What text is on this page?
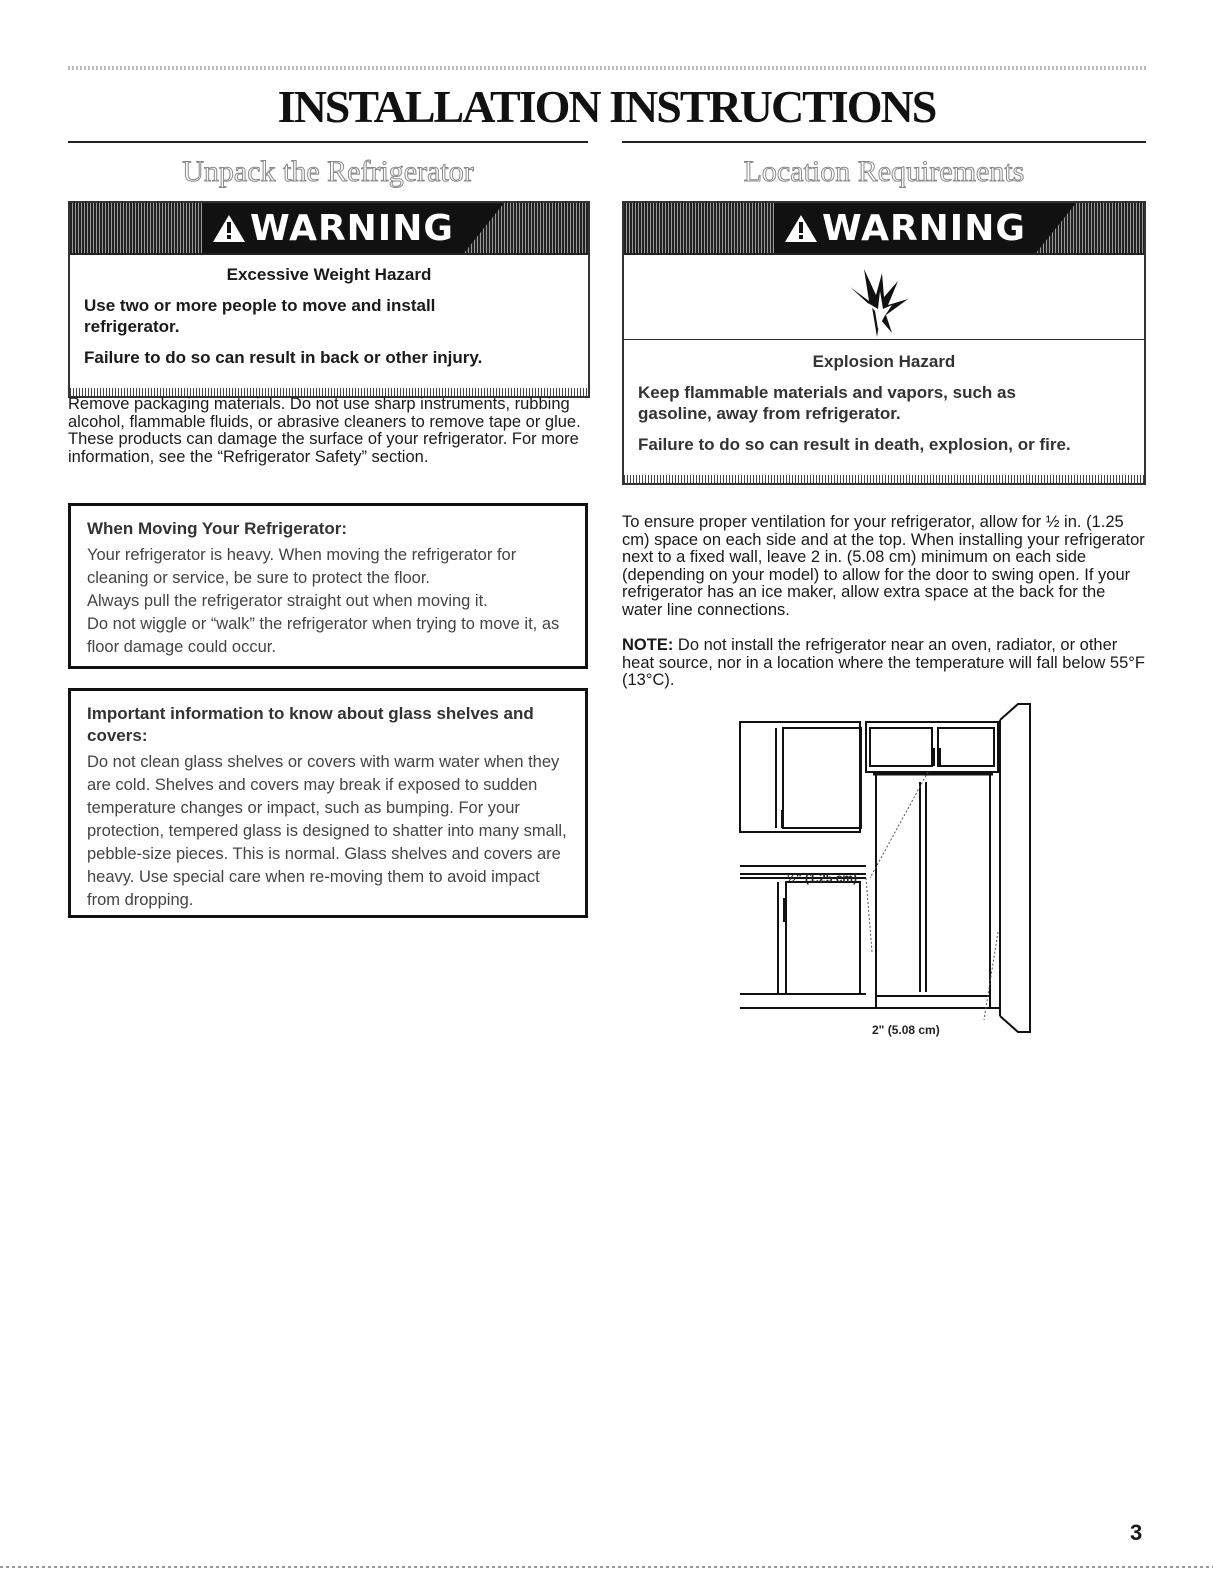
INSTALLATION INSTRUCTIONS
Unpack the Refrigerator	Location Requirements
WARNING
Excessive Weight Hazard
Use two or more people to move and install refrigerator.
Failure to do so can result in back or other injury.

Remove packaging materials. Do not use sharp instruments, rubbing alcohol, flammable fluids, or abrasive cleaners to remove tape or glue. These products can damage the surface of your refrigerator. For more information, see the “Refrigerator Safety” section.

When Moving Your Refrigerator:

Your refrigerator is heavy. When moving the refrigerator for cleaning or service, be sure to protect the floor.

Always pull the refrigerator straight out when moving it.

Do not wiggle or “walk” the refrigerator when trying to move it, as floor damage could occur.

Important information to know about glass shelves and covers:

Do not clean glass shelves or covers with warm water when they are cold. Shelves and covers may break if exposed to sudden temperature changes or impact, such as bumping. For your protection, tempered glass is designed to shatter into many small, pebble-size pieces. This is normal. Glass shelves and covers are heavy. Use special care when re-moving them to avoid impact from dropping.

WARNING
Explosion Hazard
Keep flammable materials and vapors, such as gasoline, away from refrigerator.
Failure to do so can result in death, explosion, or fire.

To ensure proper ventilation for your refrigerator, allow for ½ in. (1.25 cm) space on each side and at the top. When installing your refrigerator next to a fixed wall, leave 2 in. (5.08 cm) minimum on each side (depending on your model) to allow for the door to swing open. If your refrigerator has an ice maker, allow extra space at the back for the water line connections.

NOTE: Do not install the refrigerator near an oven, radiator, or other heat source, nor in a location where the temperature will fall below 55°F (13°C).

½" (1.25 cm)
2" (5.08 cm)
3
